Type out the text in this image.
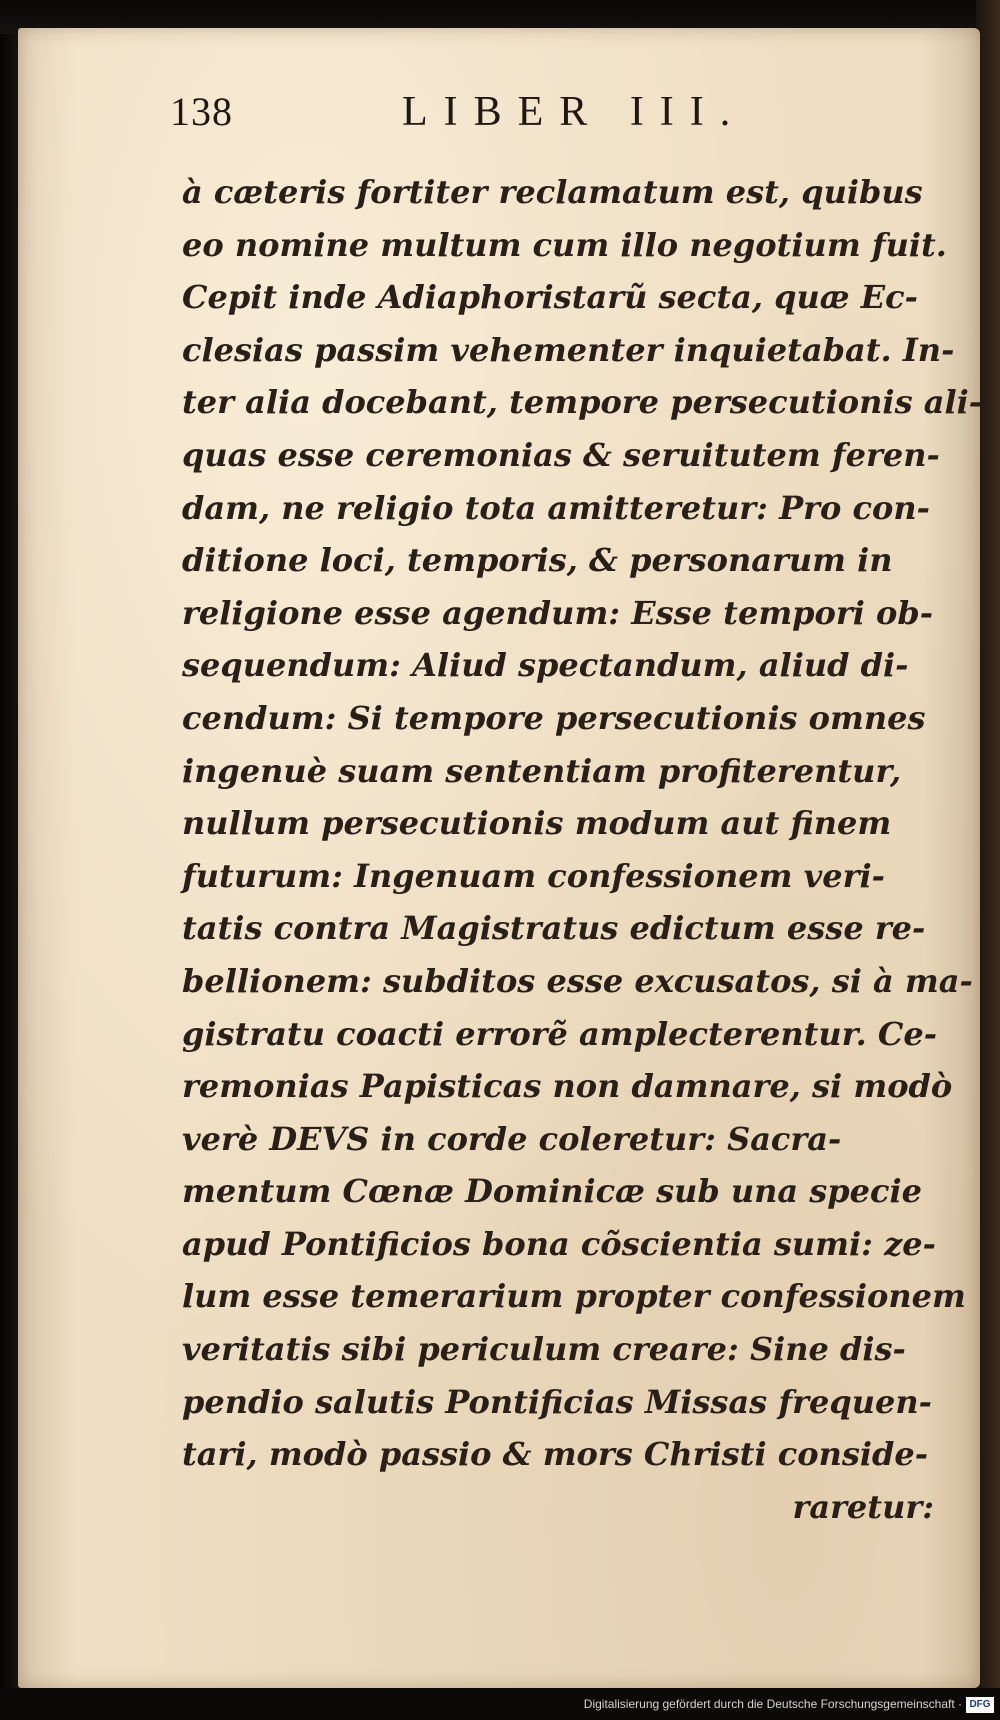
138	LIBER III.
à cæteris fortiter reclamatum est, quibus
eo nomine multum cum illo negotium fuit.
Cepit inde Adiaphoristarũ secta, quæ Ec-
clesias passim vehementer inquietabat. In-
ter alia docebant, tempore persecutionis ali-
quas esse ceremonias & seruitutem feren-
dam, ne religio tota amitteretur: Pro con-
ditione loci, temporis, & personarum in
religione esse agendum: Esse tempori ob-
sequendum: Aliud spectandum, aliud di-
cendum: Si tempore persecutionis omnes
ingenuè suam sententiam profiterentur,
nullum persecutionis modum aut finem
futurum: Ingenuam confessionem veri-
tatis contra Magistratus edictum esse re-
bellionem: subditos esse excusatos, si à ma-
gistratu coacti errorẽ amplecterentur. Ce-
remonias Papisticas non damnare, si modò
verè DEVS in corde coleretur: Sacra-
mentum Cœnæ Dominicæ sub una specie
apud Pontificios bona cõscientia sumi: ze-
lum esse temerarium propter confessionem
veritatis sibi periculum creare: Sine dis-
pendio salutis Pontificias Missas frequen-
tari, modò passio & mors Christi conside-
raretur:
Digitalisierung gefördert durch die Deutsche Forschungsgemeinschaft · DFG
